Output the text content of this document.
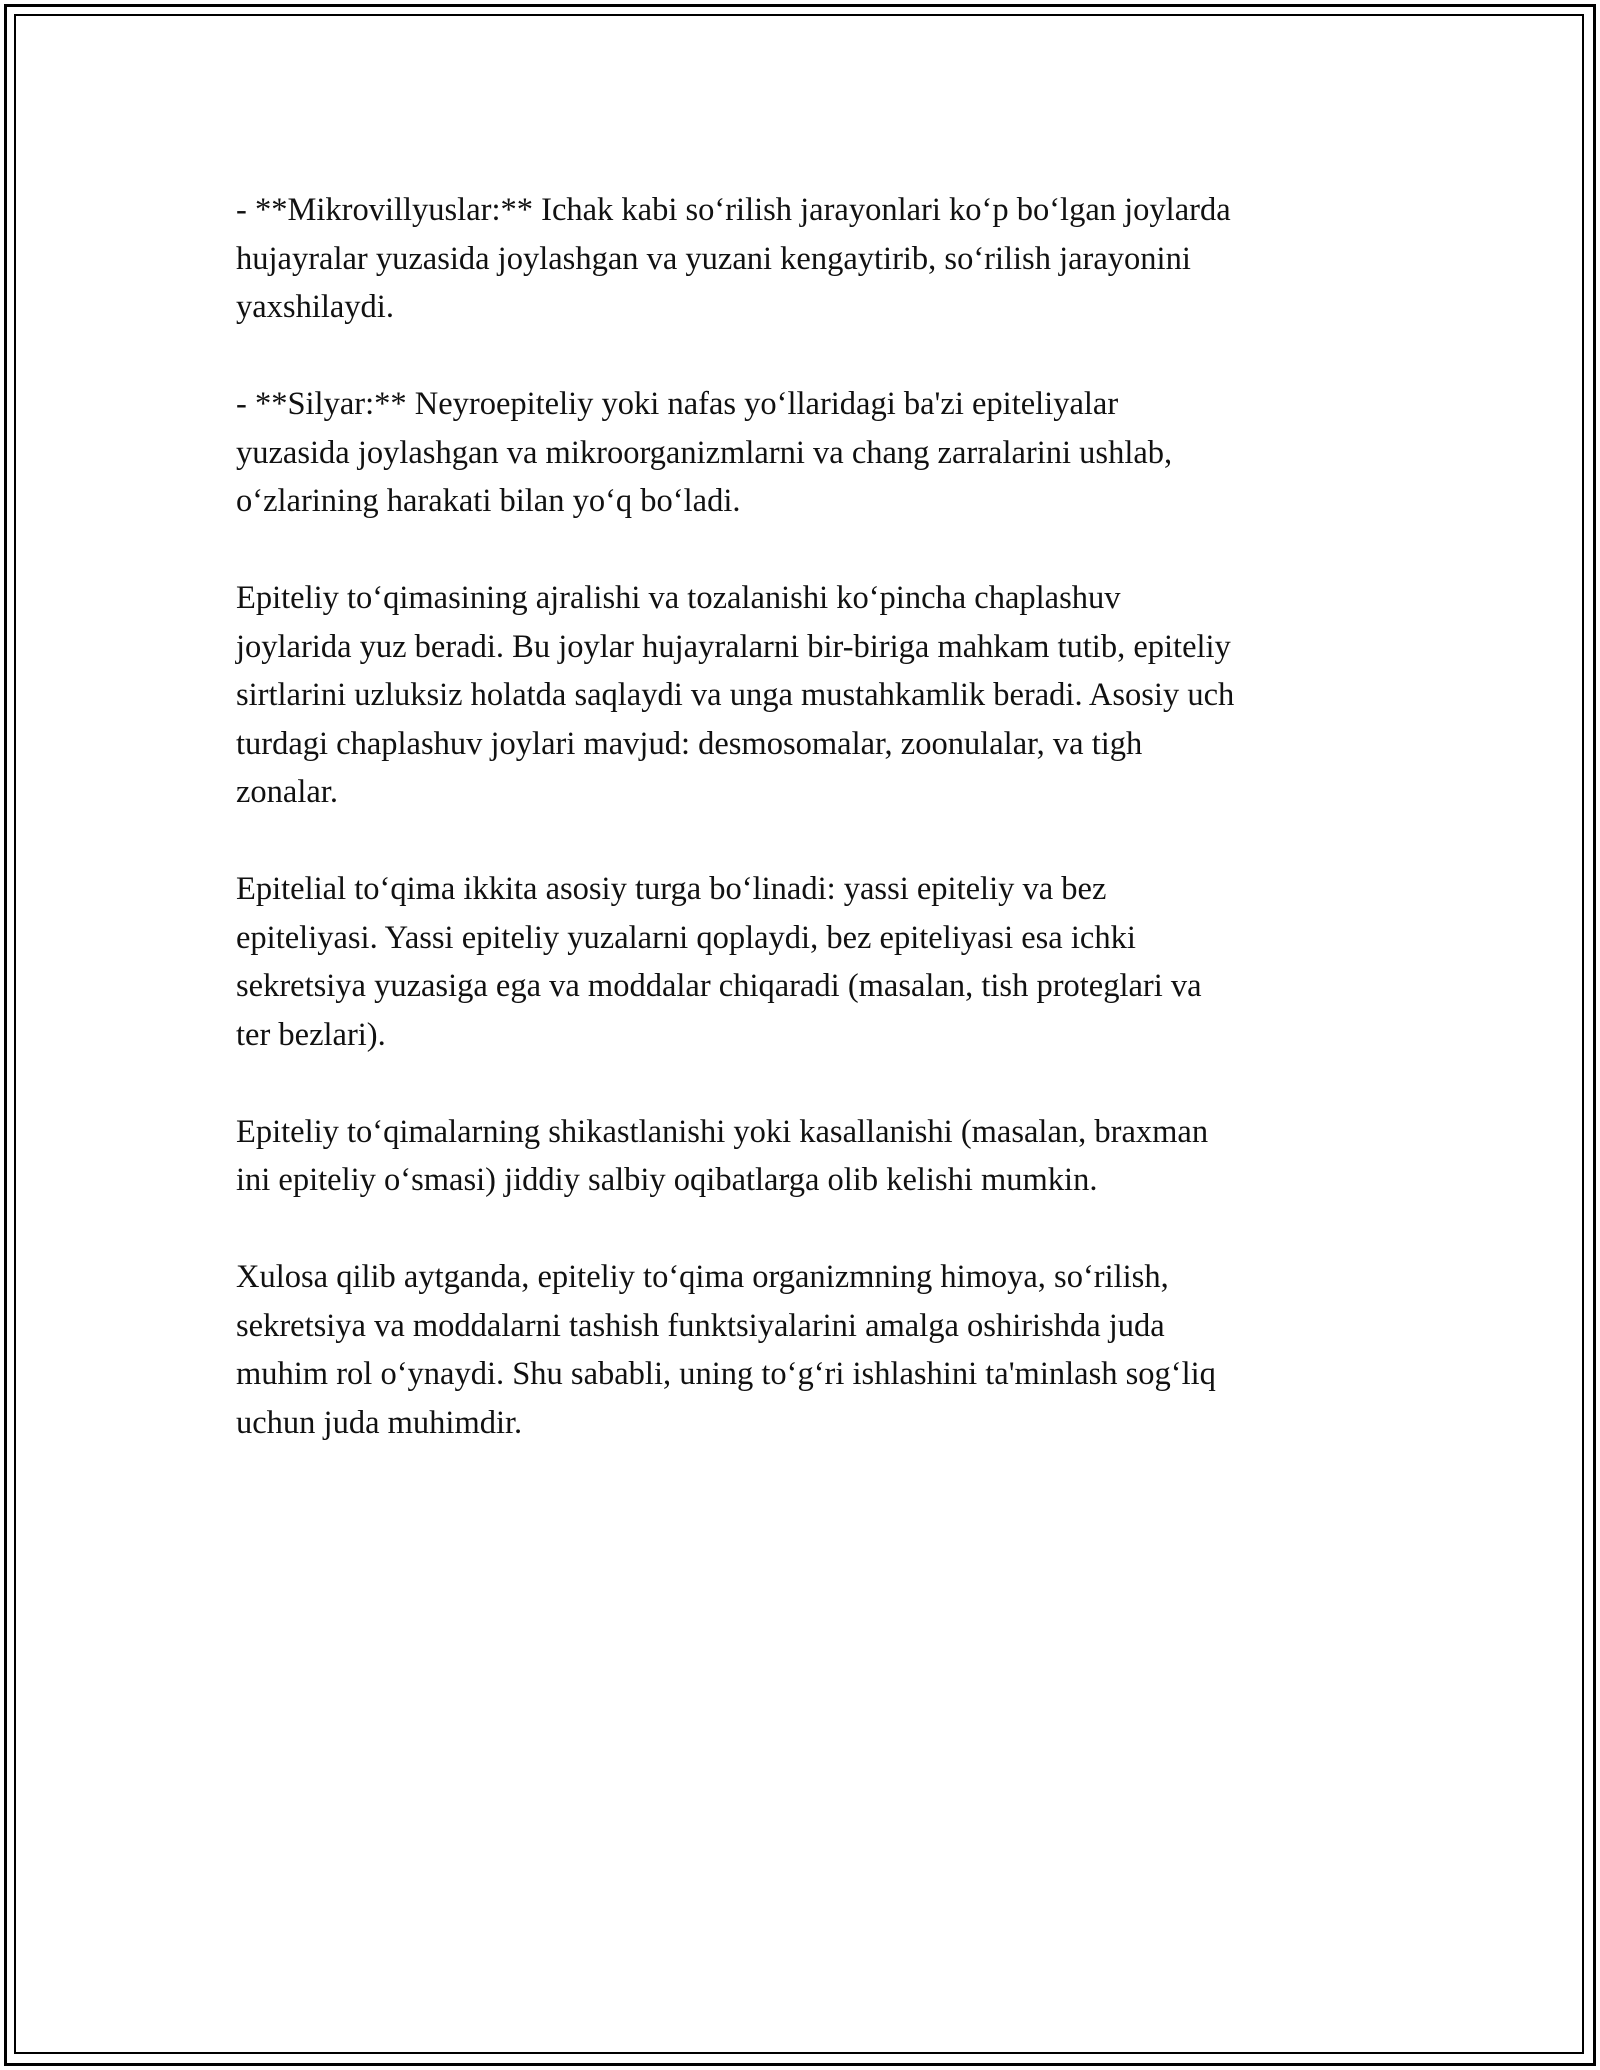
- **Mikrovillyuslar:** Ichak kabi so‘rilish jarayonlari ko‘p bo‘lgan joylarda
hujayralar yuzasida joylashgan va yuzani kengaytirib, so‘rilish jarayonini
yaxshilaydi.

- **Silyar:** Neyroepiteliy yoki nafas yo‘llaridagi ba'zi epiteliyalar
yuzasida joylashgan va mikroorganizmlarni va chang zarralarini ushlab,
o‘zlarining harakati bilan yo‘q bo‘ladi.

Epiteliy to‘qimasining ajralishi va tozalanishi ko‘pincha chaplashuv
joylarida yuz beradi. Bu joylar hujayralarni bir-biriga mahkam tutib, epiteliy
sirtlarini uzluksiz holatda saqlaydi va unga mustahkamlik beradi. Asosiy uch
turdagi chaplashuv joylari mavjud: desmosomalar, zoonulalar, va tigh
zonalar.

Epitelial to‘qima ikkita asosiy turga bo‘linadi: yassi epiteliy va bez
epiteliyasi. Yassi epiteliy yuzalarni qoplaydi, bez epiteliyasi esa ichki
sekretsiya yuzasiga ega va moddalar chiqaradi (masalan, tish proteglari va
ter bezlari).

Epiteliy to‘qimalarning shikastlanishi yoki kasallanishi (masalan, braxman
ini epiteliy o‘smasi) jiddiy salbiy oqibatlarga olib kelishi mumkin.

Xulosa qilib aytganda, epiteliy to‘qima organizmning himoya, so‘rilish,
sekretsiya va moddalarni tashish funktsiyalarini amalga oshirishda juda
muhim rol o‘ynaydi. Shu sababli, uning to‘g‘ri ishlashini ta'minlash sog‘liq
uchun juda muhimdir.
